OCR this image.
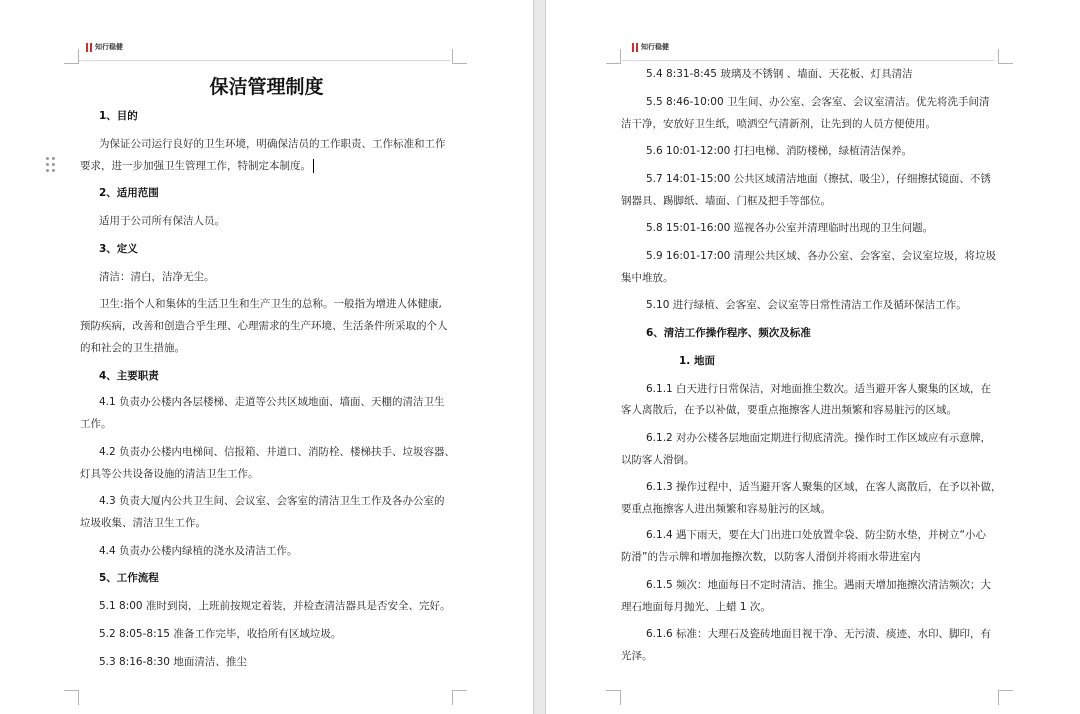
知行稳健
保洁管理制度
1、目的
为保证公司运行良好的卫生环境，明确保洁员的工作职责、工作标准和工作
要求，进一步加强卫生管理工作，特制定本制度。
2、适用范围
适用于公司所有保洁人员。
3、定义
清洁：清白，洁净无尘。
卫生:指个人和集体的生活卫生和生产卫生的总称。一般指为增进人体健康,
预防疾病，改善和创造合乎生理、心理需求的生产环境、生活条件所采取的个人
的和社会的卫生措施。
4、主要职责
4.1 负责办公楼内各层楼梯、走道等公共区域地面、墙面、天棚的清洁卫生
工作。
4.2 负责办公楼内电梯间、信报箱、井道口、消防栓、楼梯扶手、垃圾容器、
灯具等公共设备设施的清洁卫生工作。
4.3 负责大厦内公共卫生间、会议室、会客室的清洁卫生工作及各办公室的
垃圾收集、清洁卫生工作。
4.4 负责办公楼内绿植的浇水及清洁工作。
5、工作流程
5.1 8:00 准时到岗，上班前按规定着装，并检查清洁器具是否安全、完好。
5.2 8:05-8:15 准备工作完毕，收拾所有区域垃圾。
5.3 8:16-8:30 地面清洁、推尘
知行稳健
5.4 8:31-8:45 玻璃及不锈钢 、墙面、天花板、灯具清洁
5.5 8:46-10:00 卫生间、办公室、会客室、会议室清洁。优先将洗手间清
洁干净，安放好卫生纸，喷洒空气清新剂，让先到的人员方便使用。
5.6 10:01-12:00 打扫电梯、消防楼梯，绿植清洁保养。
5.7 14:01-15:00 公共区域清洁地面（擦拭、吸尘），仔细擦拭镜面、不锈
钢器具、踢脚纸、墙面、门框及把手等部位。
5.8 15:01-16:00 巡视各办公室并清理临时出现的卫生问题。
5.9 16:01-17:00 清理公共区域、各办公室、会客室、会议室垃圾，将垃圾
集中堆放。
5.10 进行绿植、会客室、会议室等日常性清洁工作及循环保洁工作。
6、清洁工作操作程序、频次及标准
1. 地面
6.1.1 白天进行日常保洁，对地面推尘数次。适当避开客人聚集的区域，在
客人离散后，在予以补做，要重点拖擦客人进出频繁和容易脏污的区域。
6.1.2 对办公楼各层地面定期进行彻底清洗。操作时工作区域应有示意牌，
以防客人滑倒。
6.1.3 操作过程中，适当避开客人聚集的区域，在客人离散后，在予以补做，
要重点拖擦客人进出频繁和容易脏污的区域。
6.1.4 遇下雨天，要在大门出进口处放置伞袋、防尘防水垫，并树立“小心
防滑”的告示牌和增加拖擦次数，以防客人滑倒并将雨水带进室内
6.1.5 频次：地面每日不定时清洁、推尘。遇雨天增加拖擦次清洁频次；大
理石地面每月抛光、上蜡 1 次。
6.1.6 标准：大理石及瓷砖地面目视干净、无污渍、痰迹、水印、脚印，有
光泽。
